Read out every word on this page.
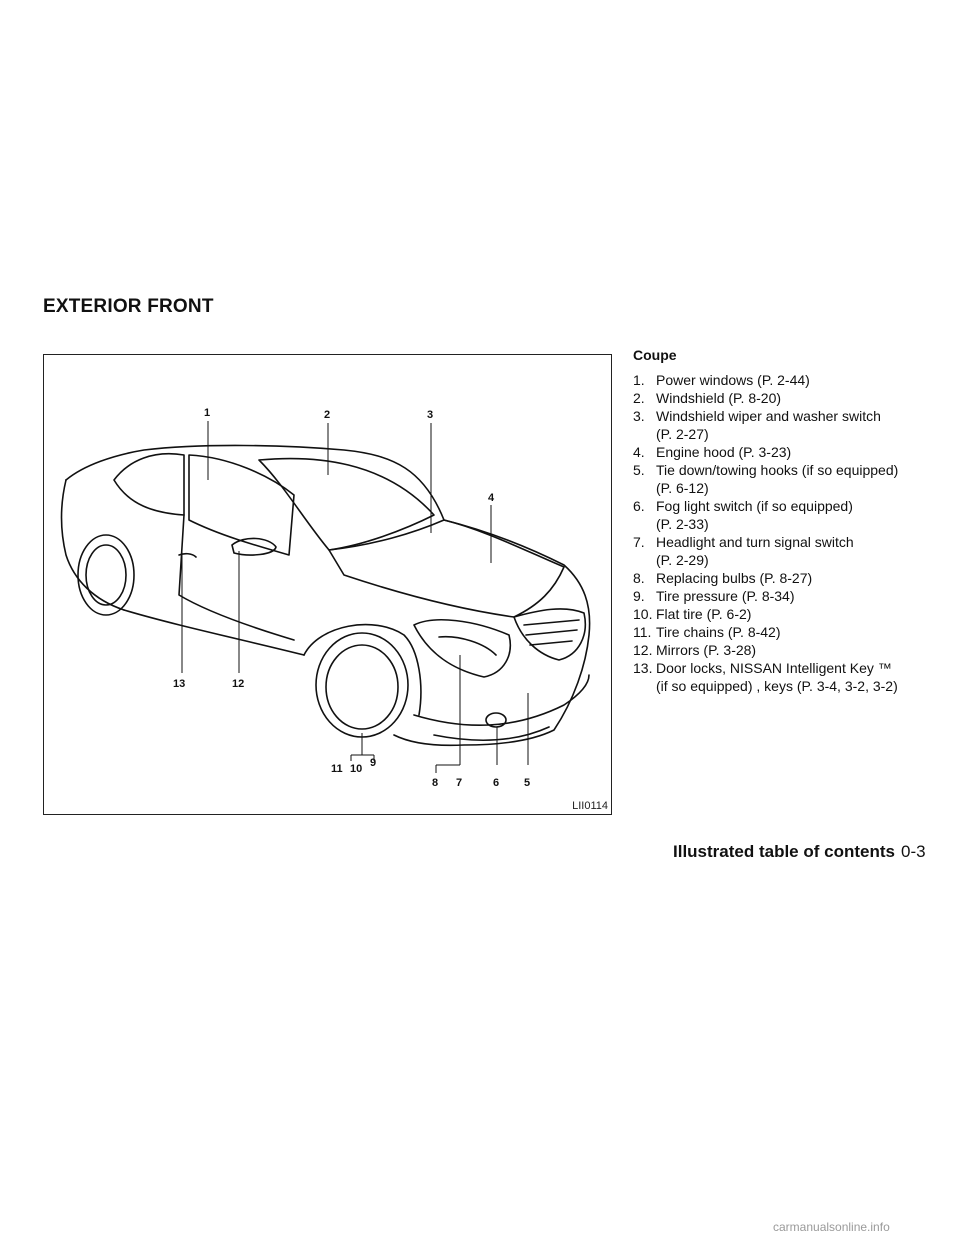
EXTERIOR FRONT
1	2	3
4
5
6
7
8
9
10
11
12
13
LII0114
Coupe
1. Power windows (P. 2-44)
2. Windshield (P. 8-20)
3. Windshield wiper and washer switch
(P. 2-27)
4. Engine hood (P. 3-23)
5. Tie down/towing hooks (if so equipped)
(P. 6-12)
6. Fog light switch (if so equipped)
(P. 2-33)
7. Headlight and turn signal switch
(P. 2-29)
8. Replacing bulbs (P. 8-27)
9. Tire pressure (P. 8-34)
10. Flat tire (P. 6-2)
11. Tire chains (P. 8-42)
12. Mirrors (P. 3-28)
13. Door locks, NISSAN Intelligent Key ™
(if so equipped) , keys (P. 3-4, 3-2, 3-2)
Illustrated table of contents 0-3
carmanualsonline.info
